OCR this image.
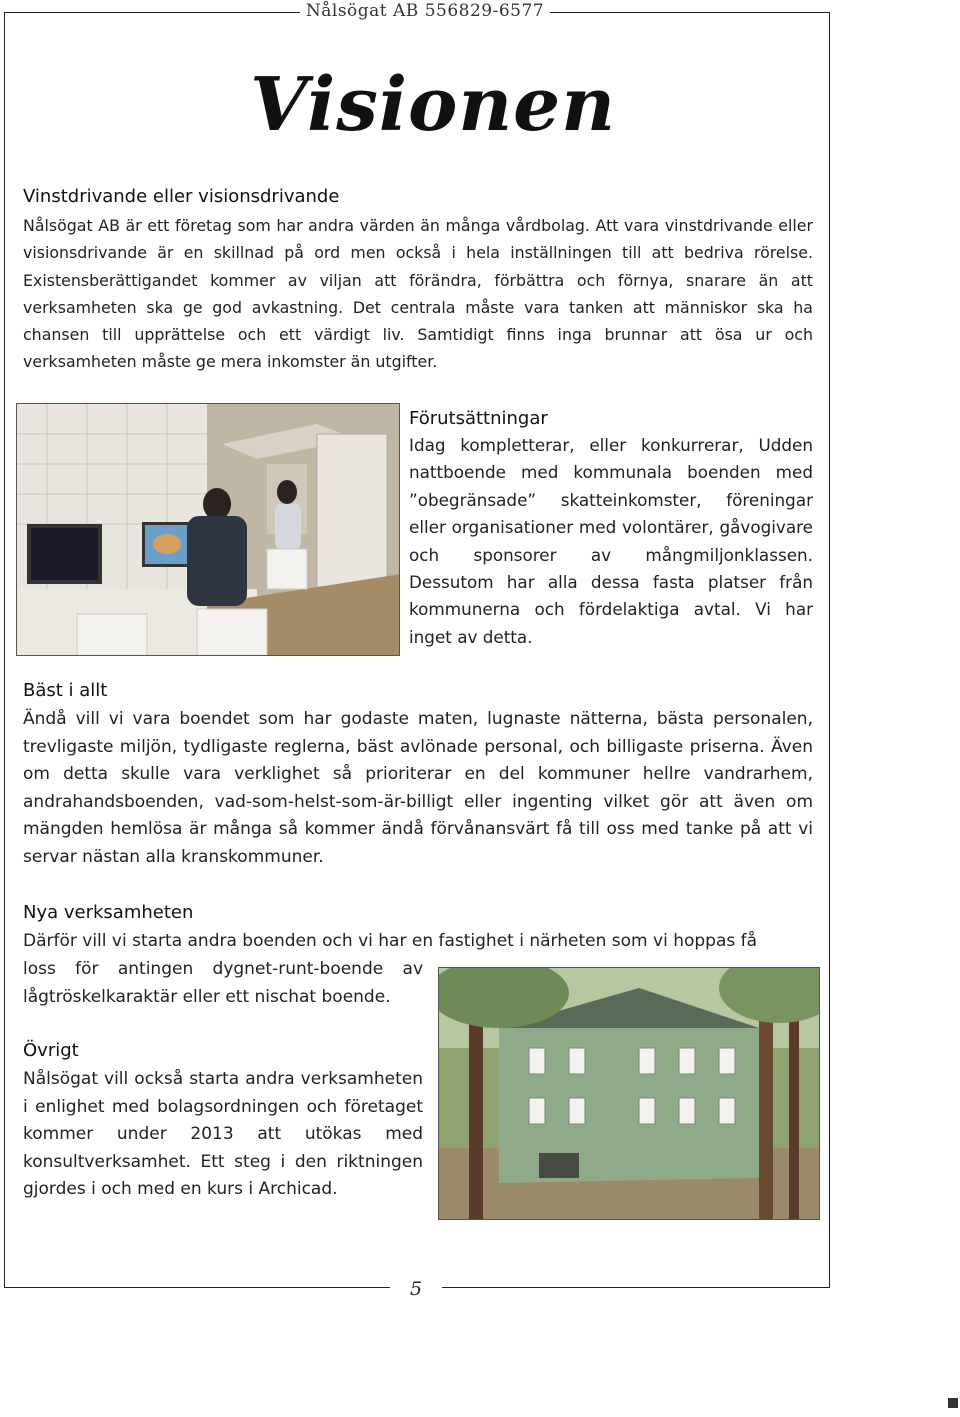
Nålsögat AB 556829-6577
Visionen
Vinstdrivande eller visionsdrivande

Nålsögat AB är ett företag som har andra värden än många vårdbolag. Att vara vinstdrivande eller visionsdrivande är en skillnad på ord men också i hela inställningen till att bedriva rörelse. Existensberättigandet kommer av viljan att förändra, förbättra och förnya, snarare än att verksamheten ska ge god avkastning. Det centrala måste vara tanken att människor ska ha chansen till upprättelse och ett värdigt liv. Samtidigt finns inga brunnar att ösa ur och verksamheten måste ge mera inkomster än utgifter.

Förutsättningar

Idag kompletterar, eller konkurrerar, Udden nattboende med kommunala boenden med ”obegränsade” skatteinkomster, föreningar eller organisationer med volontärer, gåvogivare och sponsorer av mångmiljonklassen. Dessutom har alla dessa fasta platser från kommunerna och fördelaktiga avtal. Vi har inget av detta.

Bäst i allt

Ändå vill vi vara boendet som har godaste maten, lugnaste nätterna, bästa personalen, trevligaste miljön, tydligaste reglerna, bäst avlönade personal, och billigaste priserna. Även om detta skulle vara verklighet så prioriterar en del kommuner hellre vandrarhem, andrahandsboenden, vad-som-helst-som-är-billigt eller ingenting vilket gör att även om mängden hemlösa är många så kommer ändå förvånansvärt få till oss med tanke på att vi servar nästan alla kranskommuner.

Nya verksamheten

Därför vill vi starta andra boenden och vi har en fastighet i närheten som vi hoppas få

loss för antingen dygnet-runt-boende av lågtröskelkaraktär eller ett nischat boende.

Övrigt

Nålsögat vill också starta andra verksamheten i enlighet med bolagsordningen och företaget kommer under 2013 att utökas med konsultverksamhet. Ett steg i den riktningen gjordes i och med en kurs i Archicad.

5
